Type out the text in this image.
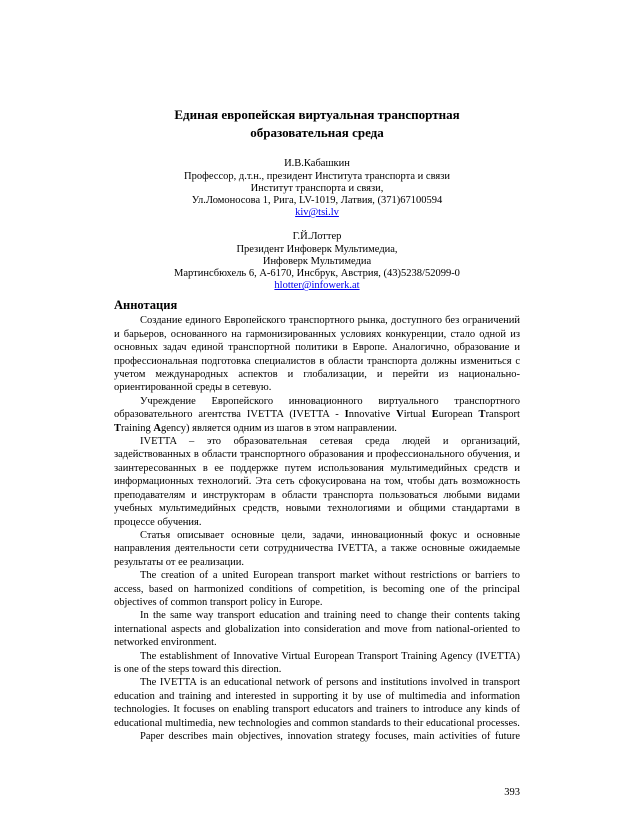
Единая европейская виртуальная транспортная образовательная среда
И.В.Кабашкин
Профессор, д.т.н., президент Института транспорта и связи
Институт транспорта и связи,
Ул.Ломоносова 1, Рига, LV-1019, Латвия, (371)67100594
kiv@tsi.lv
Г.Й.Лоттер
Президент Инфоверк Мультимедиа,
Инфоверк Мультимедиа
Мартинсбюхель 6, А-6170, Инсбрук, Австрия, (43)5238/52099-0
hlotter@infowerk.at
Аннотация

Создание единого Европейского транспортного рынка, доступного без ограничений и барьеров, основанного на гармонизированных условиях конкуренции, стало одной из основных задач единой транспортной политики в Европе. Аналогично, образование и профессиональная подготовка специалистов в области транспорта должны измениться с учетом международных аспектов и глобализации, и перейти из национально-ориентированной среды в сетевую.

Учреждение Европейского инновационного виртуального транспортного образовательного агентства IVETTA (IVETTA - Innovative Virtual European Transport Training Agency) является одним из шагов в этом направлении.

IVETTA – это образовательная сетевая среда людей и организаций, задействованных в области транспортного образования и профессионального обучения, и заинтересованных в ее поддержке путем использования мультимедийных средств и информационных технологий. Эта сеть сфокусирована на том, чтобы дать возможность преподавателям и инструкторам в области транспорта пользоваться любыми видами учебных мультимедийных средств, новыми технологиями и общими стандартами в процессе обучения.

Статья описывает основные цели, задачи, инновационный фокус и основные направления деятельности сети сотрудничества IVETTA, а также основные ожидаемые результаты от ее реализации.

The creation of a united European transport market without restrictions or barriers to access, based on harmonized conditions of competition, is becoming one of the principal objectives of common transport policy in Europe.

In the same way transport education and training need to change their contents taking international aspects and globalization into consideration and move from national-oriented to networked environment.

The establishment of Innovative Virtual European Transport Training Agency (IVETTA) is one of the steps toward this direction.

The IVETTA is an educational network of persons and institutions involved in transport education and training and interested in supporting it by use of multimedia and information technologies. It focuses on enabling transport educators and trainers to introduce any kinds of educational multimedia, new technologies and common standards to their educational processes.

Paper describes main objectives, innovation strategy focuses, main activities of future

393
